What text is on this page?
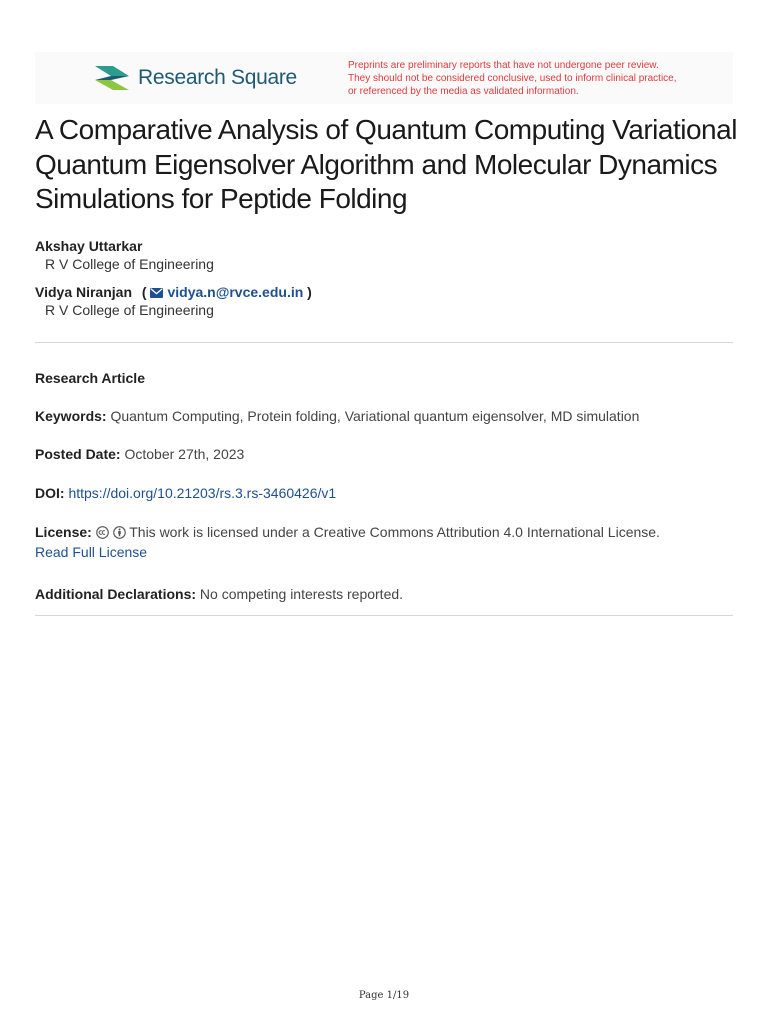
Research Square
Preprints are preliminary reports that have not undergone peer review.
They should not be considered conclusive, used to inform clinical practice,
or referenced by the media as validated information.
A Comparative Analysis of Quantum Computing Variational Quantum Eigensolver Algorithm and Molecular Dynamics Simulations for Peptide Folding
Akshay Uttarkar
R V College of Engineering
Vidya Niranjan ( vidya.n@rvce.edu.in )
R V College of Engineering
Research Article
Keywords: Quantum Computing, Protein folding, Variational quantum eigensolver, MD simulation
Posted Date: October 27th, 2023
DOI: https://doi.org/10.21203/rs.3.rs-3460426/v1
License:	This work is licensed under a Creative Commons Attribution 4.0 International License.
Read Full License
Additional Declarations: No competing interests reported.
Page 1/19
